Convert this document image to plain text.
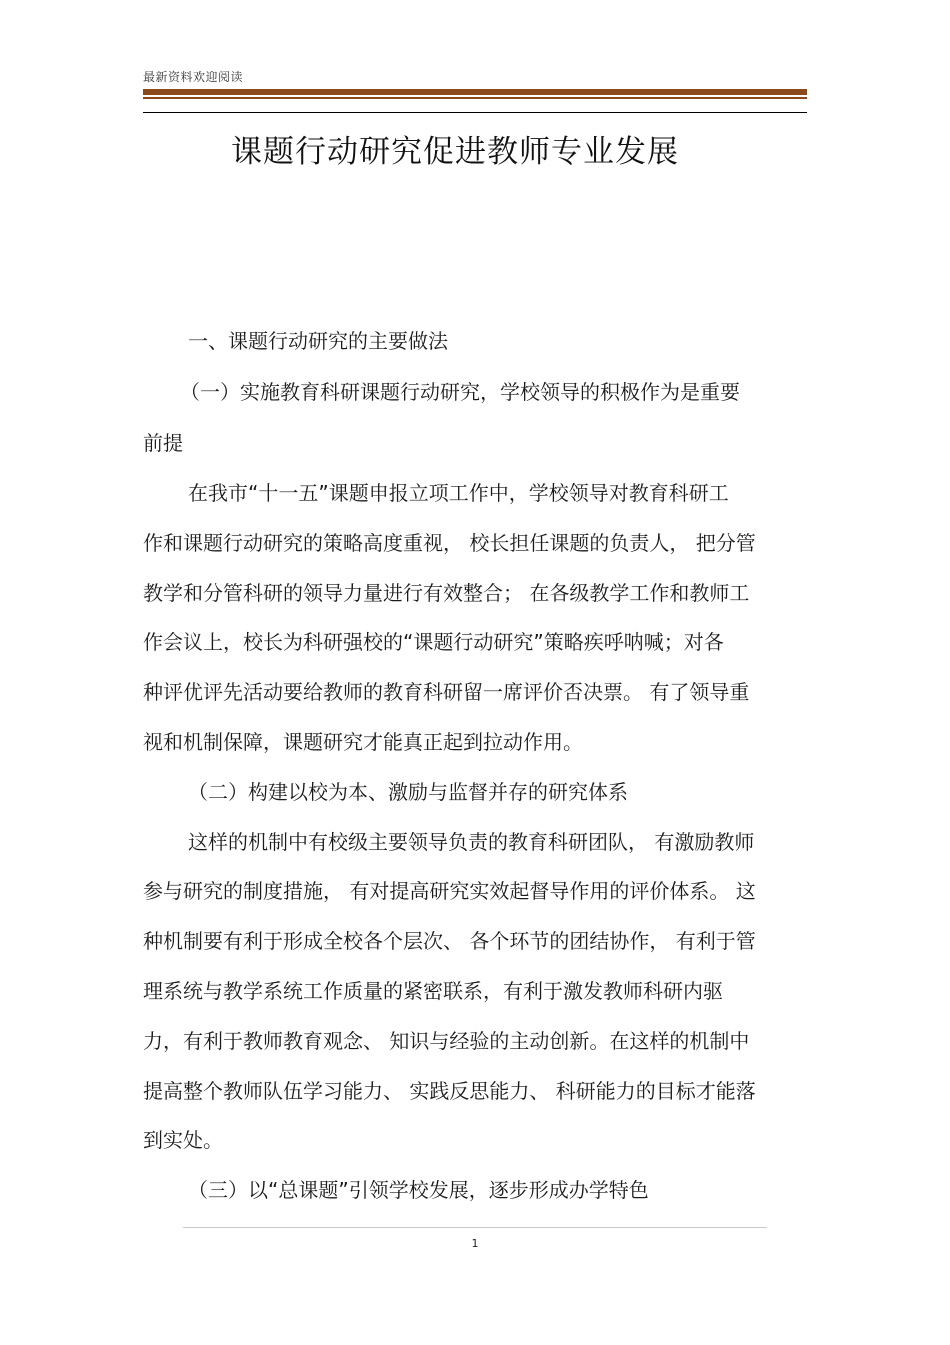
最新资料欢迎阅读
课题行动研究促进教师专业发展
一、课题行动研究的主要做法
（一）实施教育科研课题行动研究，学校领导的积极作为是重要
前提
在我市“十一五”课题申报立项工作中，学校领导对教育科研工
作和课题行动研究的策略高度重视， 校长担任课题的负责人， 把分管
教学和分管科研的领导力量进行有效整合； 在各级教学工作和教师工
作会议上，校长为科研强校的“课题行动研究”策略疾呼呐喊；对各
种评优评先活动要给教师的教育科研留一席评价否决票。 有了领导重
视和机制保障，课题研究才能真正起到拉动作用。
（二）构建以校为本、激励与监督并存的研究体系
这样的机制中有校级主要领导负责的教育科研团队， 有激励教师
参与研究的制度措施， 有对提高研究实效起督导作用的评价体系。 这
种机制要有利于形成全校各个层次、 各个环节的团结协作， 有利于管
理系统与教学系统工作质量的紧密联系，有利于激发教师科研内驱
力，有利于教师教育观念、 知识与经验的主动创新。在这样的机制中
提高整个教师队伍学习能力、 实践反思能力、 科研能力的目标才能落
到实处。
（三）以“总课题”引领学校发展，逐步形成办学特色
1
